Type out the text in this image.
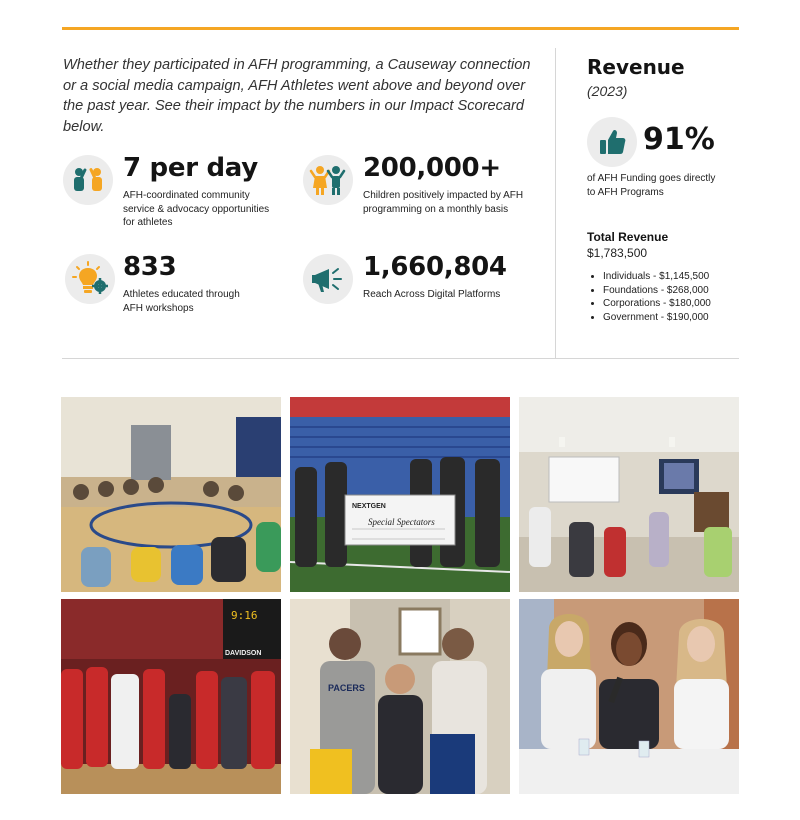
Whether they participated in AFH programming, a Causeway connection or a social media campaign, AFH Athletes went above and beyond over the past year. See their impact by the numbers in our Impact Scorecard below.

7 per day
AFH-coordinated community service & advocacy opportunities for athletes
200,000+
Children positively impacted by AFH programming on a monthly basis
833
Athletes educated through AFH workshops
1,660,804
Reach Across Digital Platforms
Revenue
(2023)
91%
of AFH Funding goes directly to AFH Programs
Total Revenue
$1,783,500
• Individuals - $1,145,500
• Foundations - $268,000
• Corporations - $180,000
• Government - $190,000
NEXTGEN
Special Spectators
9:16
DAVIDSON
PACERS
